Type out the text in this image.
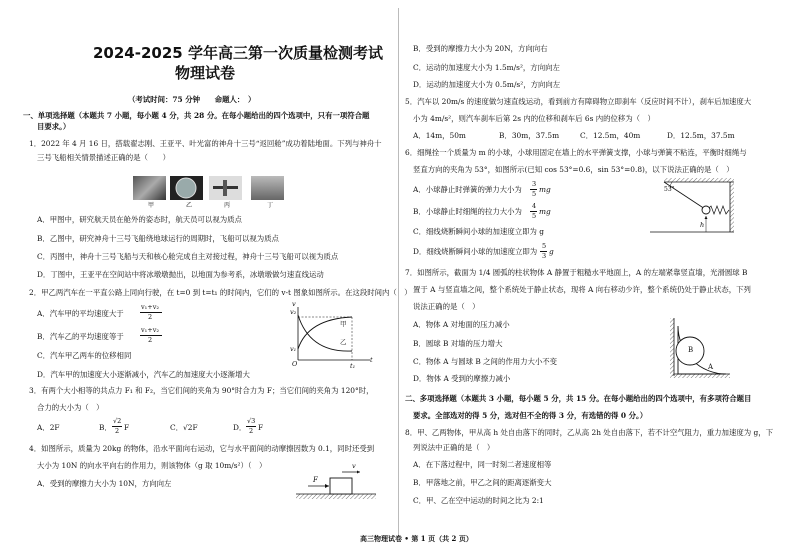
2024-2025 学年高三第一次质量检测考试
物理试卷
（考试时间：75 分钟　　命题人：　）
一、单项选择题（本题共 7 小题，每小题 4 分，共 28 分。在每小题给出的四个选项中，只有一项符合题
目要求。）
1．2022 年 4 月 16 日，搭载翟志刚、王亚平、叶光富的神舟十三号“返回舱”成功着陆地面。下列与神舟十
三号飞船相关情景描述正确的是（　　）
甲	乙	丙	丁
A．甲图中，研究航天员在舱外的姿态时，航天员可以视为质点
B．乙图中，研究神舟十三号飞船绕地球运行的周期时，飞船可以视为质点
C．丙图中，神舟十三号飞船与天和核心舱完成自主对接过程，神舟十三号飞船可以视为质点
D．丁图中，王亚平在空间站中将冰墩墩抛出，以地面为参考系，冰墩墩做匀速直线运动
2．甲乙两汽车在一平直公路上同向行驶，在 t=0 到 t=t₁ 的时间内，它们的 v-t 图象如图所示。在这段时间内（　）
A．汽车甲的平均速度大于
v₁+v₂
2
B．汽车乙的平均速度等于
v₁+v₂
2
C．汽车甲乙两车的位移相同
D．汽车甲的加速度大小逐渐减小，汽车乙的加速度大小逐渐增大
v₂
v₁
v
t
O	t₁
甲
乙
3．有两个大小相等的共点力 F₁ 和 F₂，当它们间的夹角为 90°时合力为 F；当它们间的夹角为 120°时，
合力的大小为（　）
A．2F	B．
√2
2 F	C．√2F	D．
√3
2 F
4．如图所示，质量为 20kg 的物体，沿水平面向右运动，它与水平面间的动摩擦因数为 0.1，同时还受到
大小为 10N 的向水平向右的作用力，则该物体（g 取 10m/s²）（　）
A．受到的摩擦力大小为 10N，方向向左	F
v
B．受到的摩擦力大小为 20N，方向向右
C．运动的加速度大小为 1.5m/s²，方向向左
D．运动的加速度大小为 0.5m/s²，方向向左
5．汽车以 20m/s 的速度做匀速直线运动，看到前方有障碍物立即刹车（反应时间不计），刹车后加速度大
小为 4m/s²，则汽车刹车后第 2s 内的位移和刹车后 6s 内的位移为（　）
A．14m，50m	B．30m，37.5m	C．12.5m，40m	D．12.5m，37.5m
6．细绳拴一个质量为 m 的小球，小球用固定在墙上的水平弹簧支撑，小球与弹簧不粘连，平衡时细绳与
竖直方向的夹角为 53°，如图所示(已知 cos 53°=0.6，sin 53°=0.8)，以下说法正确的是（　）
A．小球静止时弹簧的弹力大小为
3
5 mg
B．小球静止时细绳的拉力大小为
4
5 mg
C．细线烧断瞬间小球的加速度立即为 g
D．细线烧断瞬间小球的加速度立即为
5
3 g
53°
h
7．如图所示，截面为 1/4 圆弧的柱状物体 A 静置于粗糙水平地面上，A 的左端紧靠竖直墙，光滑圆球 B
置于 A 与竖直墙之间，整个系统处于静止状态，现将 A 向右移动少许，整个系统仍处于静止状态，下列
说法正确的是（　）
A．物体 A 对地面的压力减小
B．圆球 B 对墙的压力增大
C．物体 A 与圆球 B 之间的作用力大小不变
D．物体 A 受到的摩擦力减小
B
A
二、多项选择题（本题共 3 小题，每小题 5 分，共 15 分。在每小题给出的四个选项中，有多项符合题目
要求。全部选对的得 5 分，选对但不全的得 3 分，有选错的得 0 分。）
8．甲、乙两物体，甲从高 h 处自由落下的同时，乙从高 2h 处自由落下，若不计空气阻力，重力加速度为 g，下
列说法中正确的是（　）
A．在下落过程中，同一时刻二者速度相等
B．甲落地之前，甲乙之间的距离逐渐变大
C．甲、乙在空中运动的时间之比为 2:1
高三物理试卷 • 第 1 页（共 2 页）
